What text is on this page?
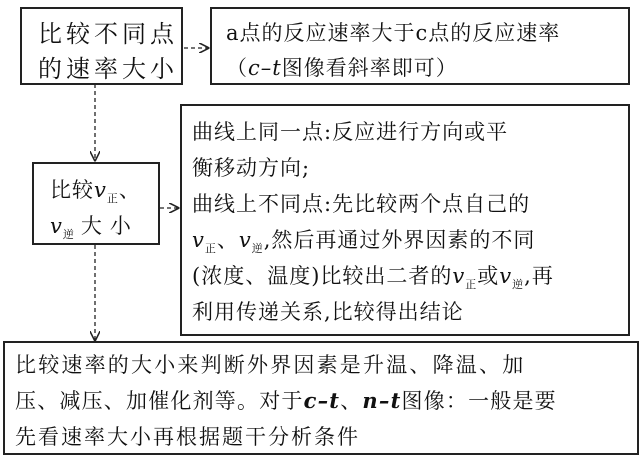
比较不同点
的速率大小
a点的反应速率大于c点的反应速率
（c–t图像看斜率即可）
比较$v_正$、
$v_逆$ 大小
曲线上同一点:反应进行方向或平
衡移动方向;
曲线上不同点:先比较两个点自己的
$v_正$、$v_逆$,然后再通过外界因素的不同
(浓度、温度)比较出二者的$v_正$或$v_逆$,再
利用传递关系,比较得出结论
比较速率的大小来判断外界因素是升温、降温、加
压、减压、加催化剂等。对于c–t、n–t图像：一般是要
先看速率大小再根据题干分析条件
